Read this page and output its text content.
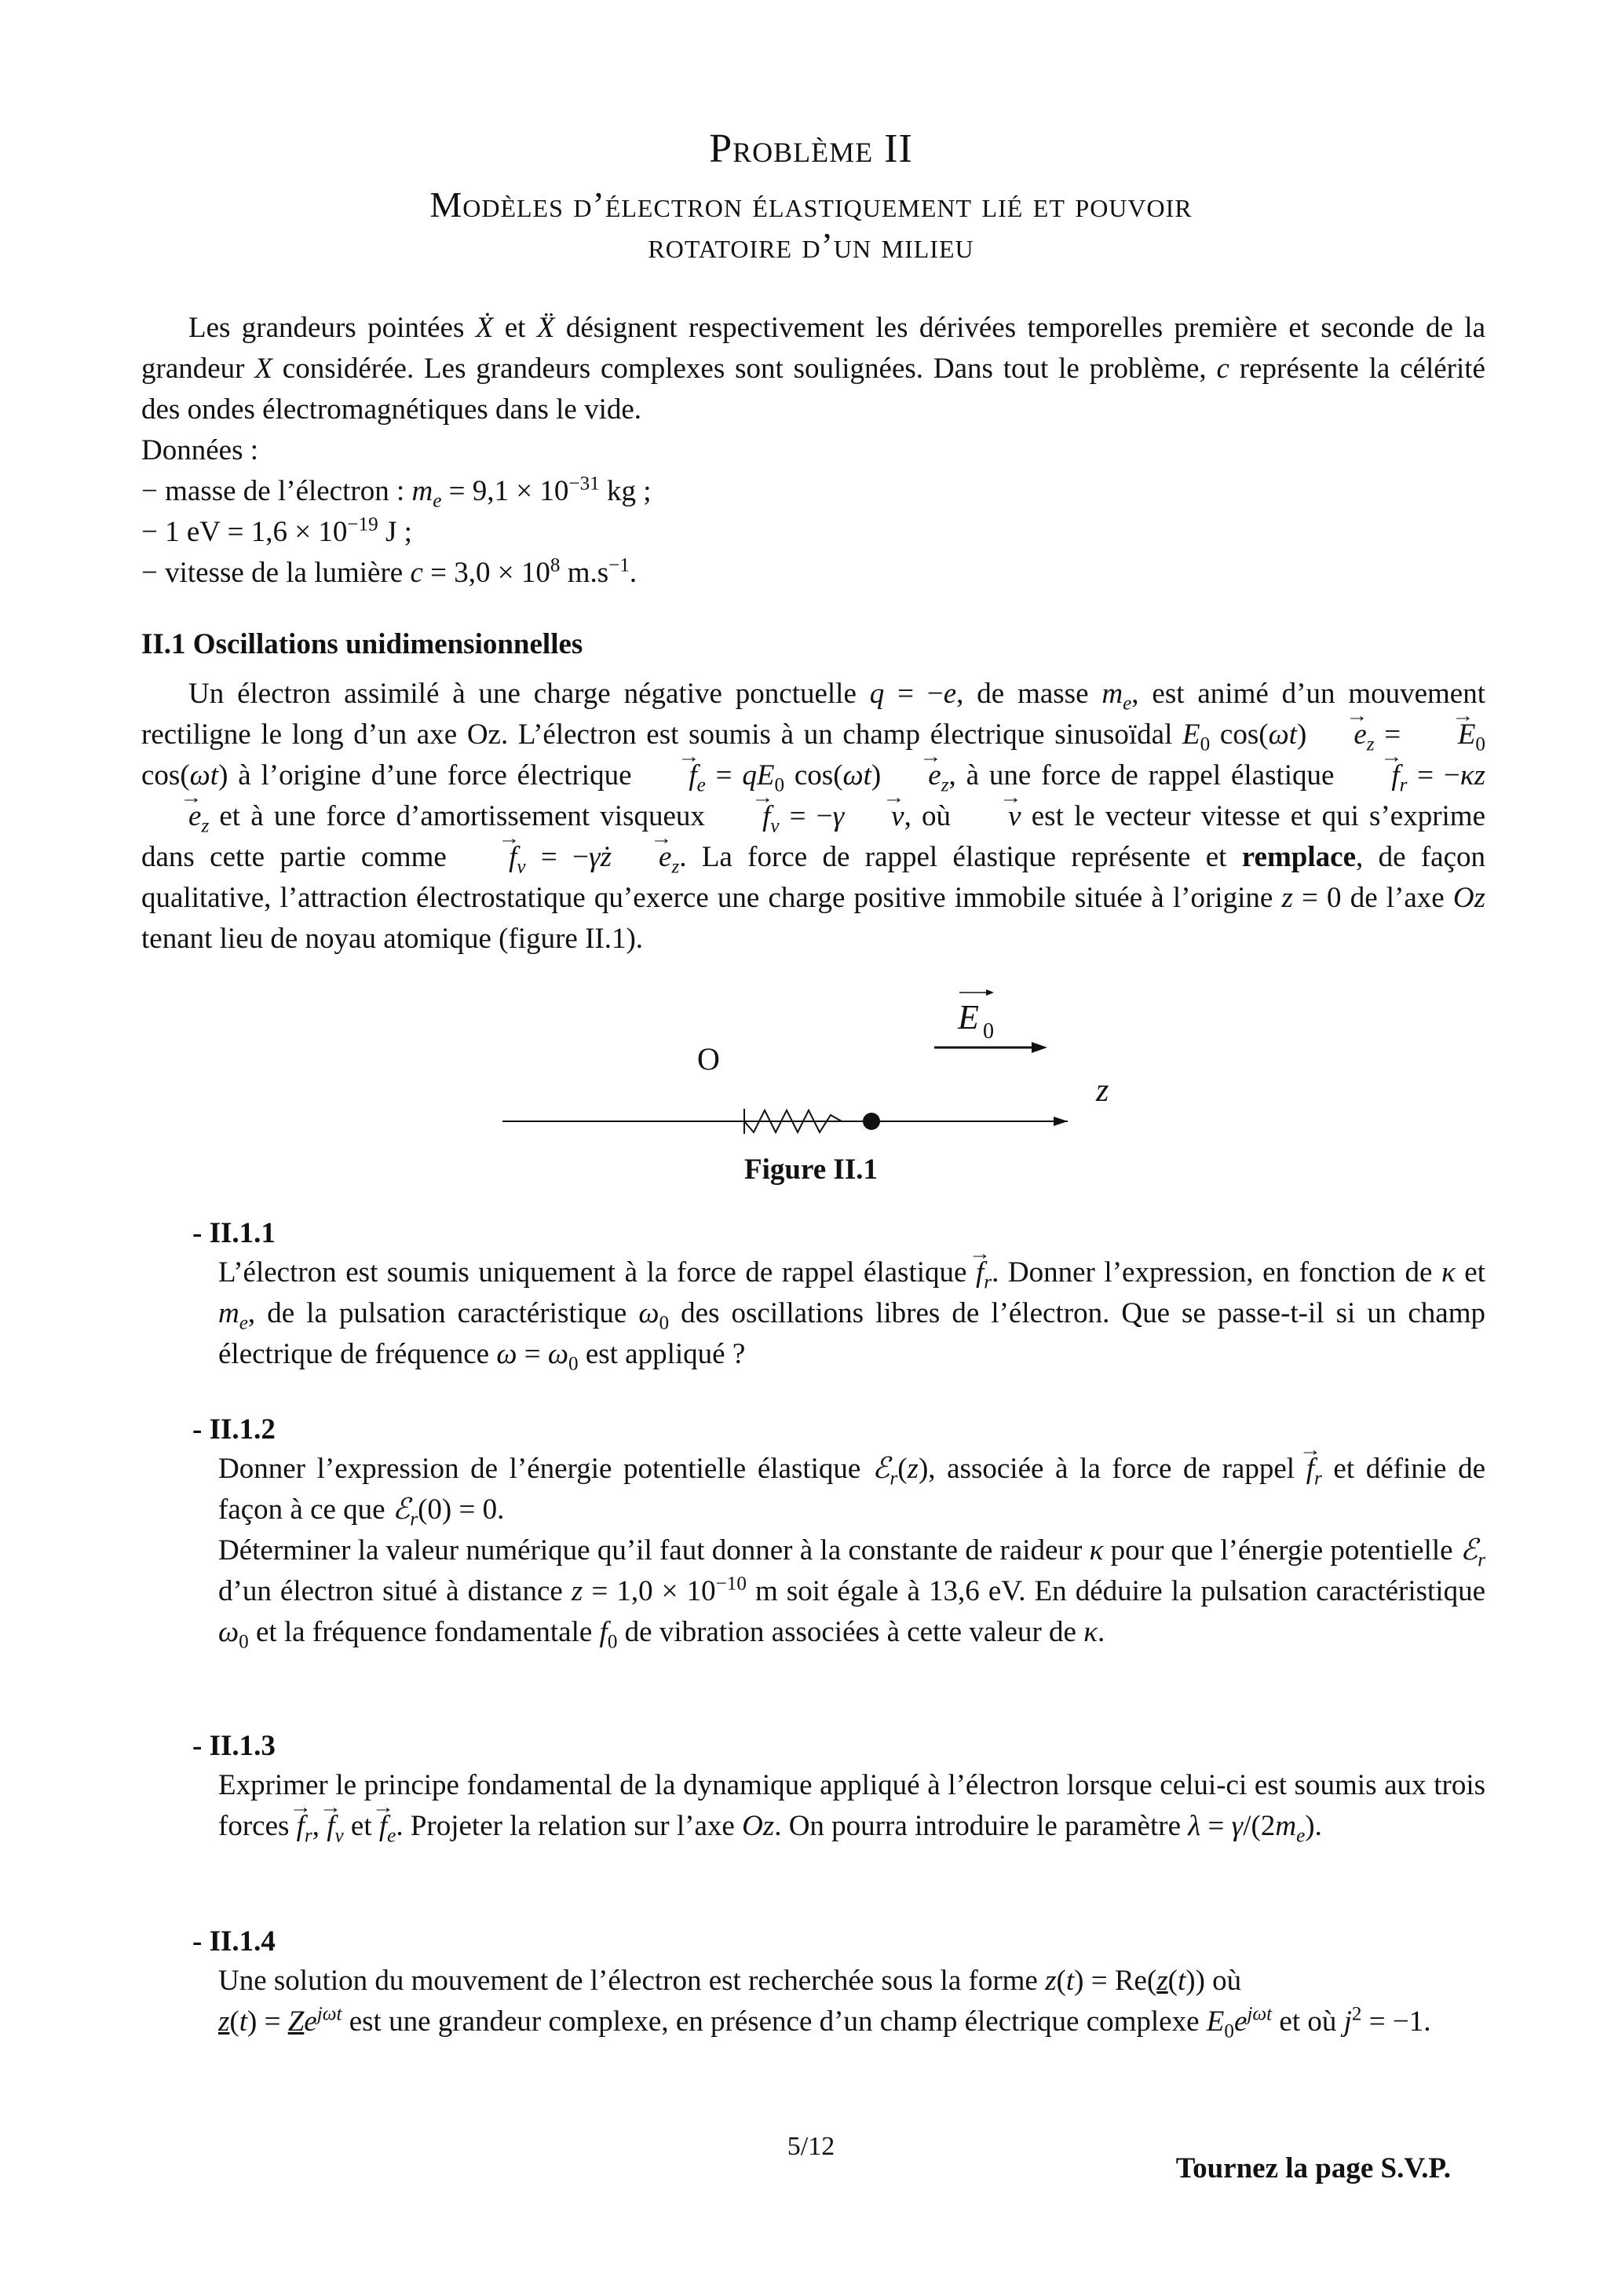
Problème II
Modèles d’électron élastiquement lié et pouvoir
rotatoire d’un milieu

Les grandeurs pointées Ẋ et Ẍ désignent respectivement les dérivées temporelles première et seconde de la grandeur X considérée. Les grandeurs complexes sont soulignées. Dans tout le problème, c représente la célérité des ondes électromagnétiques dans le vide.

Données :

− masse de l’électron : $m_e = 9,1 \times 10^{-31}$ kg ;

− 1 eV = $1,6 \times 10^{-19}$ J ;

− vitesse de la lumière $c = 3,0 \times 10^8$ $m.s^{-1}$.

II.1 Oscillations unidimensionnelles

Un électron assimilé à une charge négative ponctuelle q = −e, de masse $m_e$, est animé d’un mouvement rectiligne le long d’un axe Oz. L’électron est soumis à un champ électrique sinusoïdal $E_0$ $\cos(\omega t) \to e_z$ = → $E_0$ cos(ωt) à l’origine d’une force électrique → $f_e = qE_0$ $\cos(\omega t) \to e_z$, à une force de rappel élastique → $f_r = -\kappa z\to e_z$ et à une force d’amortissement visqueux → $f_v = -\gamma \to v$, où → v est le vecteur vitesse et qui s’exprime dans cette partie comme → $f_v$ = −γż → $e_z$. La force de rappel élastique représente et remplace, de façon qualitative, l’attraction électrostatique qu’exerce une charge positive immobile située à l’origine z = 0 de l’axe Oz tenant lieu de noyau atomique (figure II.1).

E 0
O
z
Figure II.1
- II.1.1

L’électron est soumis uniquement à la force de rappel élastique → $f_r$. Donner l’expression, en fonction de κ et $m_e$, de la pulsation caractéristique $\omega_0$ des oscillations libres de l’électron. Que se passe-t-il si un champ électrique de fréquence $\omega = \omega_0$ est appliqué ?

- II.1.2

Donner l’expression de l’énergie potentielle élastique ℰ$_r$(z), associée à la force de rappel → $f_r$ et définie de façon à ce que ℰ$_r$(0) = 0.

Déterminer la valeur numérique qu’il faut donner à la constante de raideur κ pour que l’énergie potentielle ℰ$_r$ d’un électron situé à distance $z = 1,0 \times 10^{-10}$ m soit égale à 13,6 eV. En déduire la pulsation caractéristique $\omega_0$ et la fréquence fondamentale $f_0$ de vibration associées à cette valeur de κ.

- II.1.3

Exprimer le principe fondamental de la dynamique appliqué à l’électron lorsque celui-ci est soumis aux trois forces → $f_r$, → $f_v$ et → $f_e$. Projeter la relation sur l’axe Oz. On pourra introduire le paramètre $\lambda = \gamma/(2m_e)$.

- II.1.4

Une solution du mouvement de l’électron est recherchée sous la forme z(t) = Re(z(t)) où
$z(t) = Ze^{j\omega t}$ est une grandeur complexe, en présence d’un champ électrique complexe $E_0e^{j\omega t}$ et où $j^2 = -1$.

5/12
Tournez la page S.V.P.
